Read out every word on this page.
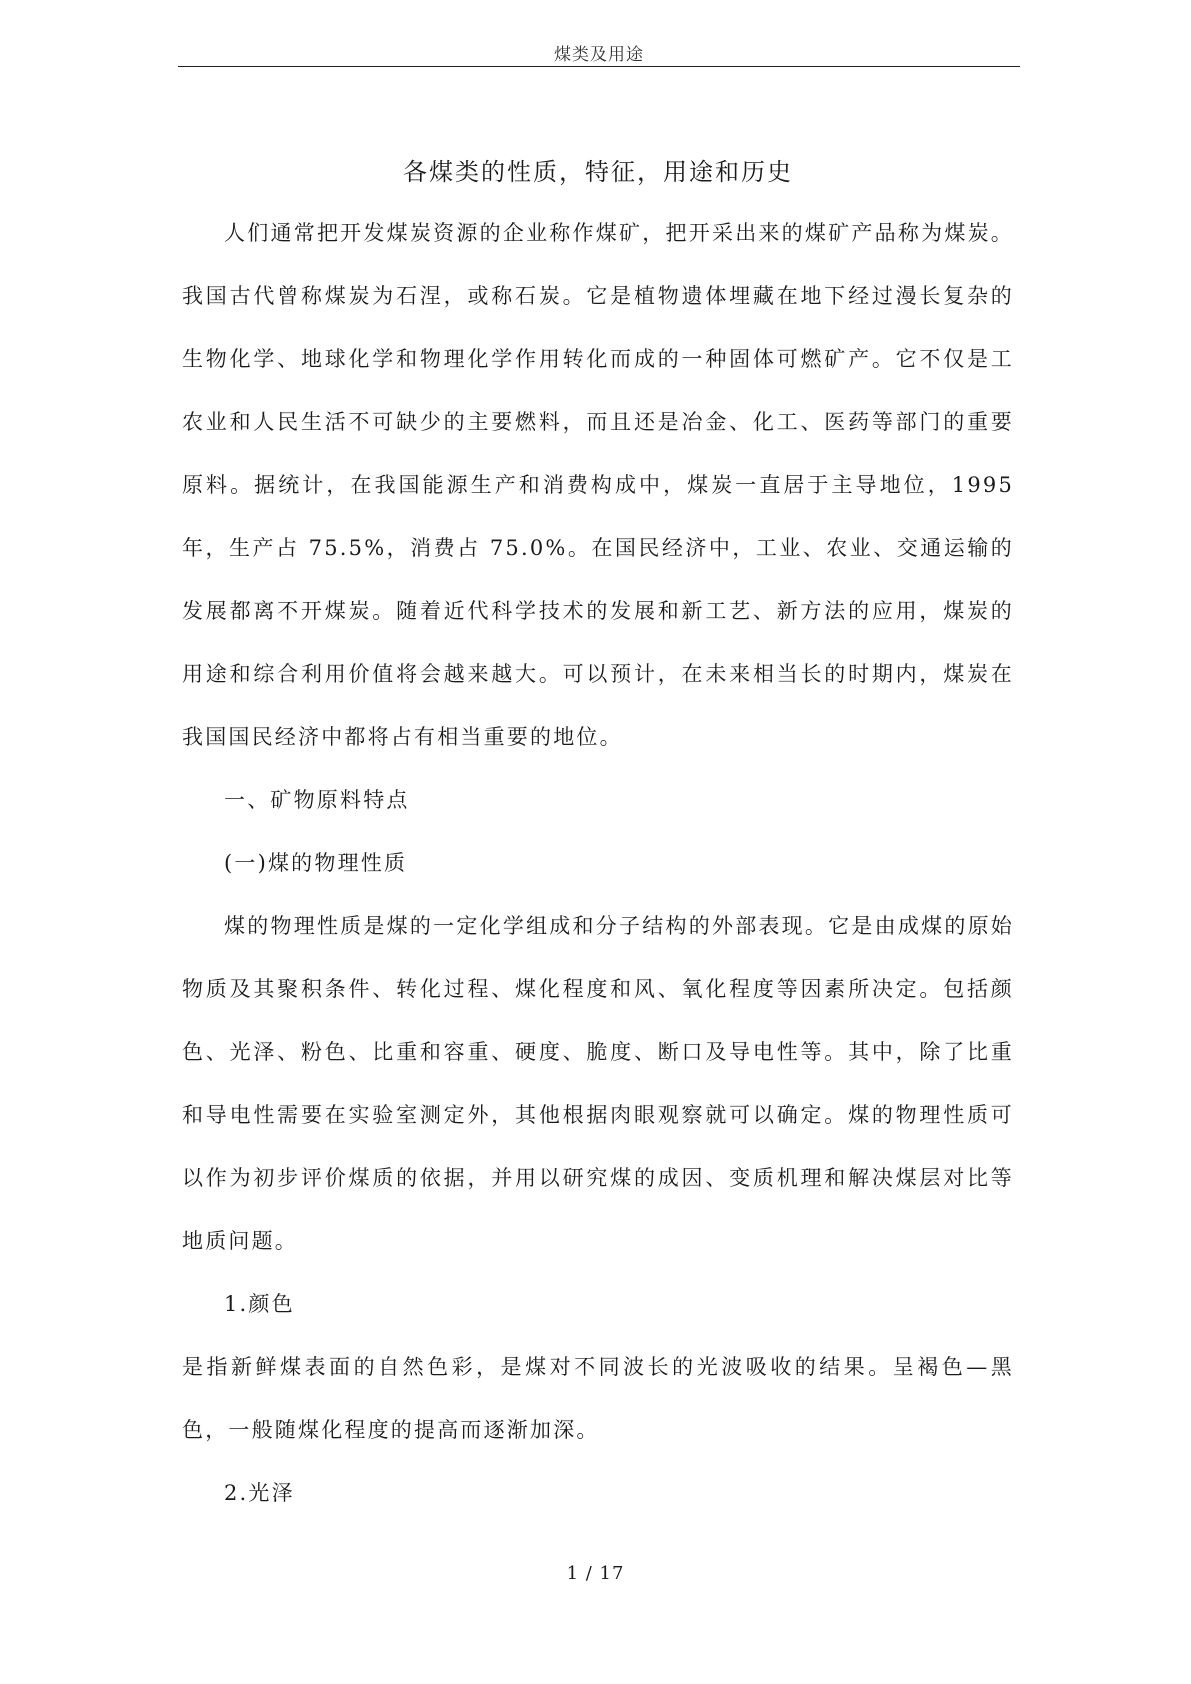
煤类及用途
各煤类的性质，特征，用途和历史

人们通常把开发煤炭资源的企业称作煤矿，把开采出来的煤矿产品称为煤炭。我国古代曾称煤炭为石涅，或称石炭。它是植物遗体埋藏在地下经过漫长复杂的生物化学、地球化学和物理化学作用转化而成的一种固体可燃矿产。它不仅是工农业和人民生活不可缺少的主要燃料，而且还是冶金、化工、医药等部门的重要原料。据统计，在我国能源生产和消费构成中，煤炭一直居于主导地位，1995年，生产占 75.5%，消费占 75.0%。在国民经济中，工业、农业、交通运输的发展都离不开煤炭。随着近代科学技术的发展和新工艺、新方法的应用，煤炭的用途和综合利用价值将会越来越大。可以预计，在未来相当长的时期内，煤炭在我国国民经济中都将占有相当重要的地位。

一、矿物原料特点

(一)煤的物理性质

煤的物理性质是煤的一定化学组成和分子结构的外部表现。它是由成煤的原始物质及其聚积条件、转化过程、煤化程度和风、氧化程度等因素所决定。包括颜色、光泽、粉色、比重和容重、硬度、脆度、断口及导电性等。其中，除了比重和导电性需要在实验室测定外，其他根据肉眼观察就可以确定。煤的物理性质可以作为初步评价煤质的依据，并用以研究煤的成因、变质机理和解决煤层对比等地质问题。

1.颜色

是指新鲜煤表面的自然色彩，是煤对不同波长的光波吸收的结果。呈褐色—黑色，一般随煤化程度的提高而逐渐加深。

2.光泽

1 / 17
